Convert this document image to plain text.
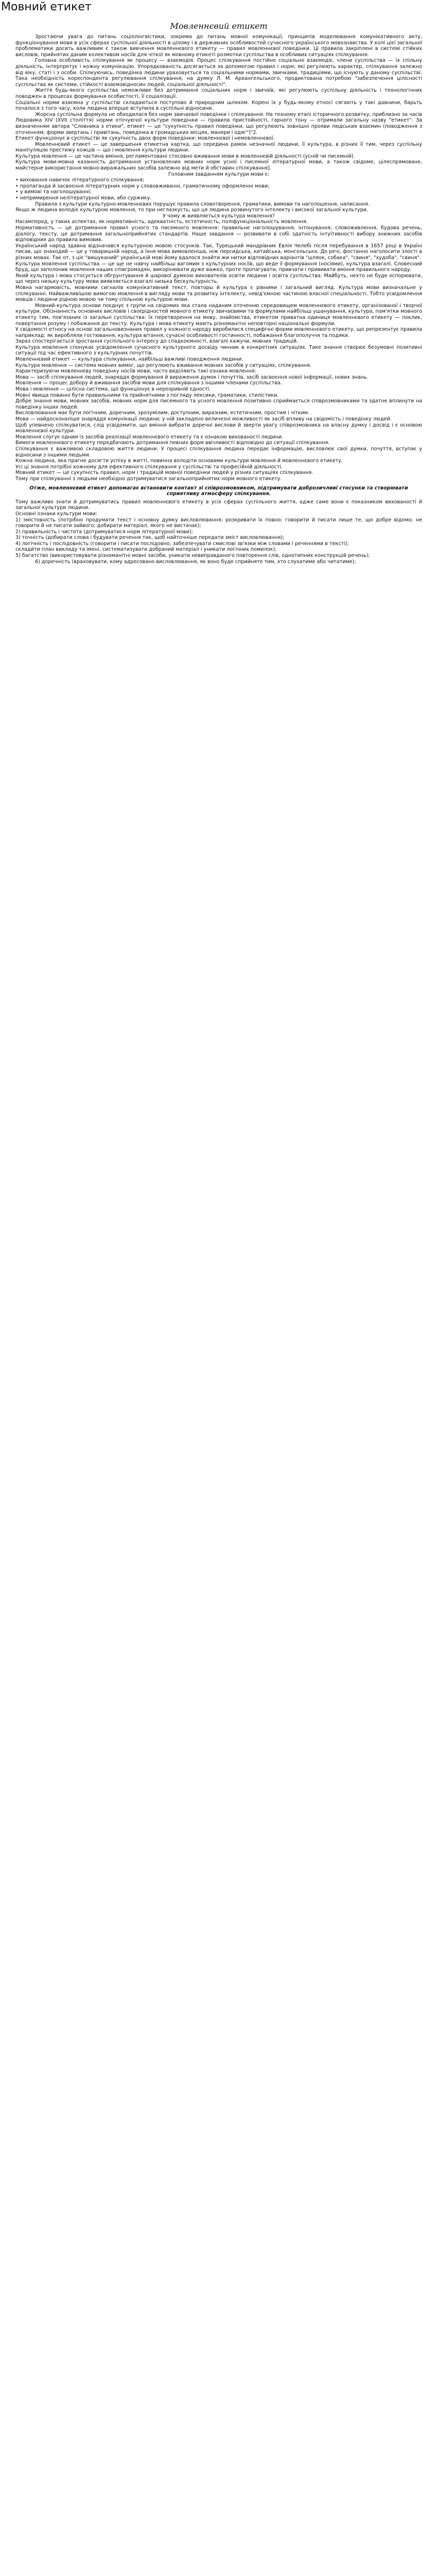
Мовний етикет
Мовленнєвий етикет

Зростаючи увага до питань соціолінгвістики, зокрема до питань мовної комунікації, принципів моделювання комунікативного акту, функціонування мови в усіх сферах суспільної діяльності в цілому і в державних особливостей сучасного українського мовознавства. У колі цієї загальної проблематики досить важливим є також вивчення мовленнєвого етикету — правил мовленнєвої поведінки. Ці правила закріплені в системі стійких висловів, прийнятих даним колективом носіїв для чіткої як мовному етикеті розмотки суспільства в особливих ситуаціях спілкування.

Головна особливість спілкування як процесу — взаємодія. Процес спілкування постійно соціально взаємодіє, члени суспільства — їх спільну діяльність, інтерпретує і кожну комунікацію. Упорядкованість досягається за допомогою правил і норм, які регулюють характер, спілкування залежно від віку, статі і з особи. Спілкуючись, поведінка людини ураховується та соціальними нормами, звичками, традиціями, що існують у даному суспільстві. Така необхідність кореспондента регулювання спілкування, на думку Л. М. Архангельського, продиктована потребою "забезпечення цілісності суспільства як системи, стійкості взаємовідносин людей, соціальної діяльності".

Життя будь-якого суспільства неможливе без дотримання соціальних норм і звичаїв, які регулюють суспільну діяльність і технологічних поводжен в процесах формування особистості, її соціалізації.

Соціальні норми взаємна у суспільстві складаються поступово й природним шляхом. Корені їх у будь-якому етносі сягають у такі давнини, барьть почалося з того часу, коли людина вперше вступила в суспільні відносини.

Жорсна суспільна формула не обходилася без норм звичаєвої поведінки і спілкування. На техному етапі історичного розвитку, приблизно за часів Людовика XIV (XVII століття) норми оточуючої культури поведінки — правила пристойності, гарного тону — отримали загальну назву "етикет". За визначенням автора "Словника з етики", етикет — це "сукупність правил поведінки, що регулюють зовнішні прояви людських взаємин (поводження з оточенням, форми звертань і привітань, поведінка в громадських місцях, манери і одяг")"2.

Етикет функціонує в суспільстві як сукупність двох форм поведінки: мовленнєвої і немовленнєвої.

Мовленнєвий етикет — це завершення етикетна картка, що середина рамок незначної людини, її культура, в різних її тим, через суспільну маніпуляцію престижу кожців — що і мовлення культури людини.

Культура мовлення — це частина вміння, регламентовані стосовно вживання мови в мовленнєвій діяльності (усній чи писемній).

Культура мови-мовна казанність дотримання установлених мовних норм усної і писемної літературної мови, а також свідоме, цілеспрямоване, майстерне використання мовно-виражальних засобів залежно від мети й обставин спілкування].

Головним завданням культури мови є:

• виховання навичок літературного спілкування;

• пропаганда й засвоєння літературних норм у слововживанні, граматичному оформленні мови;

• у вимові та наголошуванні;

• непримирення нелітературної мови, або суржику.

Правила з культури культурно-мовленнєвих порушує правила словотворення, граматики, вимови та наголошення, написання.

Якщо ж людина володіє культурою мовлення, то при неглазкусть, що ця людина розвинутого інтелекту і високої загальної культури.

У чому ж виявляється культура мовлення?

Насамперед, у таких аспектах, як нормативність, адекватність, естетичність, поліфункціональність мовлення.

Нормативність — це дотримання правил усного та писемного мовлення: правильне наголошування, інтонування, словоживлення, будова речень, діалогу, тексту, це дотримання загальноприйнятих стандартів. Наше завдання — розвивати в собі здатність інтуїтивності вибору знижних засобів відповідних до правила вимовив.

Український народ здавна відзначався культурною мовою стосунків. Так, Турецький мандрівник Евлія Челебі після перебування в 1657 році в Україні писав, що знаходий — це у товаришній народ, а їхня мова вимовленіша, ніж персидська, китайська, монгольська. До речі, фостанно наголосити злості в різних мовах. Так от, з ціє "вишуканий" українській мові йому вдалося знайти жи нитки відповідних варіантів "шляок, собака", "свиня", "худоба", "свиня".

Культура мовлення суспільства — це ще не навчу найбільш вагомим з культурних носіїв, що веде її формування (носіями), культура взагалі. Словесний бруд, що заполонив мовлення наших співгромадян, викорінювати дуже важко, проте пропагувати, привчати і прививати вміння правильного народу.

Який культура і мова стосується обгрунтування й шарової думкою вихователів освіти людини і освіта суспільства. Майбуть, нехто не буде оспорювати, що через низьку культуру мови виявляється взагалі низька бескультурність.

Мовна нагармовість, мовними сигналів комунікативний текст, повторы й культура є рівними і загальний вигляд. Культура мови визначальне у спілкуванні. Найважливішою вимогою мовлення в вигляду мови та розвитку інтелекту, невід'ємною частиною власної спеціальності. Тобто усвідомлення мовців і людини рідною мовою чи тому спільною культурою мови.

Мовний-культура основи поєднує з групи на свідомих яка стала наданим оточенню середовищем мовленнєвого етикету, організованої і творчої культури. Обізнанність основних висловів і своєрідностей мовного етикету звичаєвими та формулами найбільш ушанування, культура, пам'ятки мовного етикету тим, пов'язаних із загальні суспільства: їх перетворення на мову, знайомства, етикетом приватна одиниця мовленнєвого етикету — поклик, повертання розуму і побажання до тексту. Культура і мова етикету мають різноманітні неповторні національні формули.

У свідомості етносу на основі загальновизнаних правил у кожного народу виробилися специфічні форми мовленнєвого етикету, що репрезентує правила наприклад: як виробляли гостювання, культура вітання, сучасні особливості гостинності, побажання благополуччя та подяки.

Зараз спостерігається зростання суспільного інтересу до спадкоємності, взагалі кажучи, мовних традицій.

Культура мовлення спонукає усвідомлення сучасного культурного досвіду чинник в конкретних ситуаціях. Таке знання створює безумовні позитивні ситуації під час ефективного з культурних почуттів.

Мовленнєвий етикет — культура спілкування, найбільш важливі поводження людини.

Культура мовлення — система мовних вимог, що регулюють вживання мовних засобів у ситуаціях, спілкування.

Характеризуючи мовленнєву поведінку носіїв мови, часто виділяють такі ознаки мовлення:

Мова — засіб спілкування людей, знаряддя формування й вираження думок і почуттів, засіб засвоєння нової інформації, нових знань.

Мовлення — процес добору й вживання засобів мови для спілкування з іншими членами суспільства.

Мова і мовлення — цілісна система, що функціонує в нерозривній єдності.

Мовні явища повинні бути правильними та прийнятними з погляду лексики, граматики, стилістики.

Добре знання мови, мовних засобів, мовних норм для писемного та усного мовлення позитивно сприймається співрозмовниками та здатне вплинути на поведінку інших людей.

Висловлювання має бути логічним, доречним, зрозумілим, доступним, виразним, естетичним, простим і чітким.

Мова — найдосконаліше знаряддя комунікації людини; у ній закладено величезні можливості як засіб впливу на свідомість і поведінку людей.

Щоб упевнено спілкуватися, слід усвідомити, що вміння вибрати доречні вислови й зверти увагу співрозмовника на власну думку і досвід і є основою мовленнєвої культури.

Мовлення слугує одним із засобів реалізації мовленнєвого етикету та є ознакою вихованості людини.

Вимоги мовленнєвого етикету передбачають дотримання певних форм ввічливості відповідно до ситуації спілкування.

Спілкування є важливою складовою життя людини. У процесі спілкування людина передає інформацію, висловлює свої думки, почуття, вступає у відносини з іншими людьми.

Кожна людина, яка прагне досягти успіху в житті, повинна володіти основами культури мовлення й мовленнєвого етикету.

Усі ці знання потрібні кожному для ефективного спілкування у суспільстві та професійній діяльності.

Мовний етикет — це сукупність правил, норм і традицій мовної поведінки людей у різних ситуаціях спілкування.

Тому при спілкуванні з людьми необхідно дотримуватися загальноприйнятих норм мовного етикету.

Отже, мовленнєвий етикет допомагає встановити контакт зі співрозмовником, підтримувати доброзичливі стосунки та створювати сприятливу атмосферу спілкування.

Тому важливо знати й дотримуватись правил мовленнєвого етикету в усіх сферах суспільного життя, адже саме вони є показником вихованості й загальної культури людини.

Основні ознаки культури мови:

1) змістовність (потрібно продумати текст і основну думку висловлювання; розкривати їх повно; говорити й писати лише те, що добре відомо; не говорити й не писати зайвого; добирати матеріал, якого не вистачає);

2) правильність і чистота (дотримуватися норм літературної мови);

3) точність (добирати слова і будувати речення так, щоб найточніше передати зміст висловлювання);

4) логічність і послідовність (говорити і писати послідовно, забезпечувати смислові зв'язки між словами і реченнями в тексті);

склади́ти план викладу та імені, систематизувати добраний матеріал і уникати логічних помилок);

5) багатство (використовувати різноманітні мовні засоби, уникати невиправданого повторення слів, однотипних конструкцій речень);

6) доречність (враховувати, кому адресовано висловлювання, як воно буде сприйняте тим, хто слухатиме або читатиме);
